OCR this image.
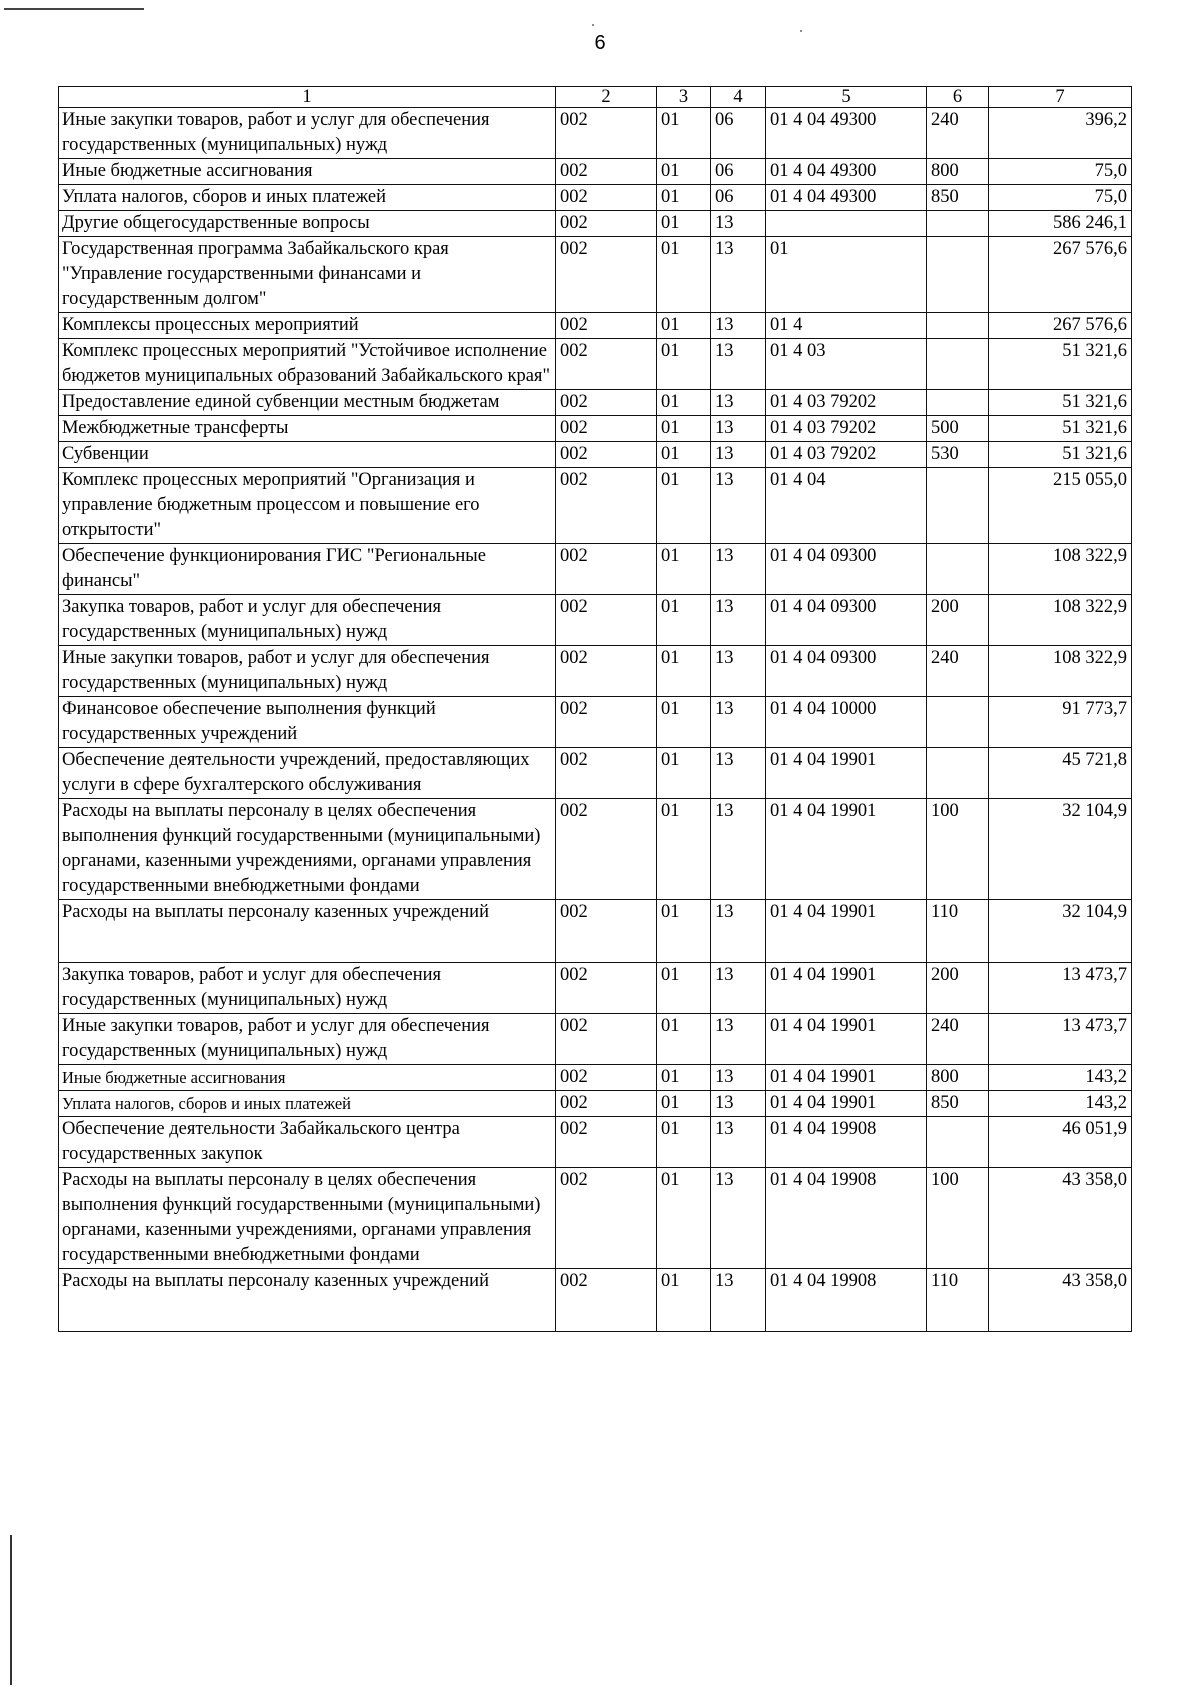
6
1	2	3	4	5	6	7
Иные закупки товаров, работ и услуг для обеспечения государственных (муниципальных) нужд	002	01	06	01 4 04 49300	240	396,2
Иные бюджетные ассигнования	002	01	06	01 4 04 49300	800	75,0
Уплата налогов, сборов и иных платежей	002	01	06	01 4 04 49300	850	75,0
Другие общегосударственные вопросы	002	01	13			586 246,1
Государственная программа Забайкальского края "Управление государственными финансами и государственным долгом"	002	01	13	01		267 576,6
Комплексы процессных мероприятий	002	01	13	01 4		267 576,6
Комплекс процессных мероприятий "Устойчивое исполнение бюджетов муниципальных образований Забайкальского края"	002	01	13	01 4 03		51 321,6
Предоставление единой субвенции местным бюджетам	002	01	13	01 4 03 79202		51 321,6
Межбюджетные трансферты	002	01	13	01 4 03 79202	500	51 321,6
Субвенции	002	01	13	01 4 03 79202	530	51 321,6
Комплекс процессных мероприятий "Организация и управление бюджетным процессом и повышение его открытости"	002	01	13	01 4 04		215 055,0
Обеспечение функционирования ГИС "Региональные финансы"	002	01	13	01 4 04 09300		108 322,9
Закупка товаров, работ и услуг для обеспечения государственных (муниципальных) нужд	002	01	13	01 4 04 09300	200	108 322,9
Иные закупки товаров, работ и услуг для обеспечения государственных (муниципальных) нужд	002	01	13	01 4 04 09300	240	108 322,9
Финансовое обеспечение выполнения функций государственных учреждений	002	01	13	01 4 04 10000		91 773,7
Обеспечение деятельности учреждений, предоставляющих услуги в сфере бухгалтерского обслуживания	002	01	13	01 4 04 19901		45 721,8
Расходы на выплаты персоналу в целях обеспечения выполнения функций государственными (муниципальными) органами, казенными учреждениями, органами управления государственными внебюджетными фондами	002	01	13	01 4 04 19901	100	32 104,9
Расходы на выплаты персоналу казенных учреждений	002	01	13	01 4 04 19901	110	32 104,9
Закупка товаров, работ и услуг для обеспечения государственных (муниципальных) нужд	002	01	13	01 4 04 19901	200	13 473,7
Иные закупки товаров, работ и услуг для обеспечения государственных (муниципальных) нужд	002	01	13	01 4 04 19901	240	13 473,7
Иные бюджетные ассигнования	002	01	13	01 4 04 19901	800	143,2
Уплата налогов, сборов и иных платежей	002	01	13	01 4 04 19901	850	143,2
Обеспечение деятельности Забайкальского центра государственных закупок	002	01	13	01 4 04 19908		46 051,9
Расходы на выплаты персоналу в целях обеспечения выполнения функций государственными (муниципальными) органами, казенными учреждениями, органами управления государственными внебюджетными фондами	002	01	13	01 4 04 19908	100	43 358,0
Расходы на выплаты персоналу казенных учреждений	002	01	13	01 4 04 19908	110	43 358,0
